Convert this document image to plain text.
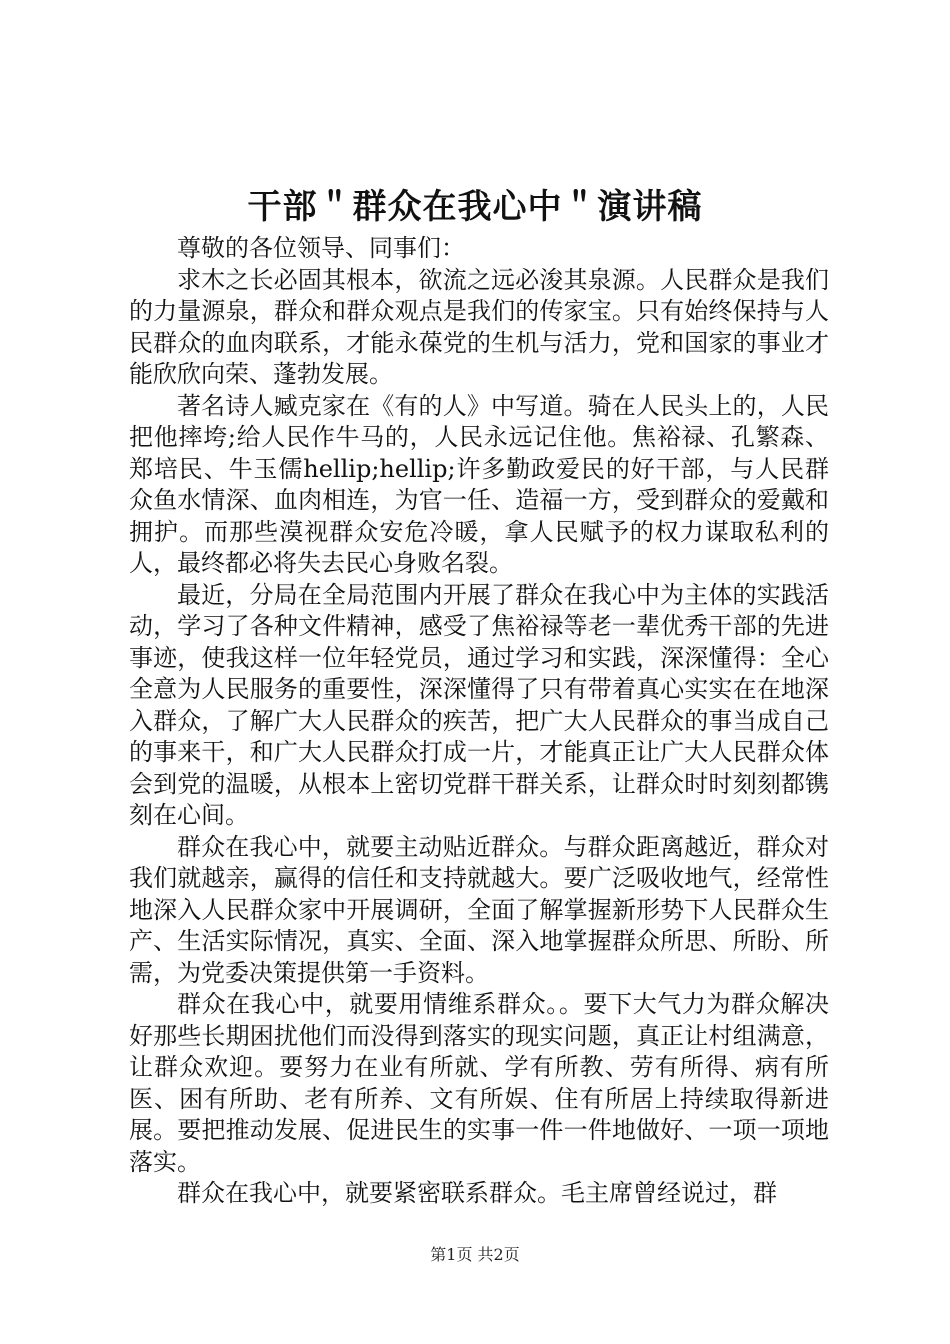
干部＂群众在我心中＂演讲稿

尊敬的各位领导、同事们：

求木之长必固其根本，欲流之远必浚其泉源。人民群众是我们的力量源泉，群众和群众观点是我们的传家宝。只有始终保持与人民群众的血肉联系，才能永葆党的生机与活力，党和国家的事业才能欣欣向荣、蓬勃发展。

著名诗人臧克家在《有的人》中写道。骑在人民头上的，人民把他摔垮;给人民作牛马的，人民永远记住他。焦裕禄、孔繁森、郑培民、牛玉儒hellip;hellip;许多勤政爱民的好干部，与人民群众鱼水情深、血肉相连，为官一任、造福一方，受到群众的爱戴和拥护。而那些漠视群众安危冷暖，拿人民赋予的权力谋取私利的人，最终都必将失去民心身败名裂。

最近，分局在全局范围内开展了群众在我心中为主体的实践活动，学习了各种文件精神，感受了焦裕禄等老一辈优秀干部的先进事迹，使我这样一位年轻党员，通过学习和实践，深深懂得：全心全意为人民服务的重要性，深深懂得了只有带着真心实实在在地深入群众，了解广大人民群众的疾苦，把广大人民群众的事当成自己的事来干，和广大人民群众打成一片，才能真正让广大人民群众体会到党的温暖，从根本上密切党群干群关系，让群众时时刻刻都镌刻在心间。

群众在我心中，就要主动贴近群众。与群众距离越近，群众对我们就越亲，赢得的信任和支持就越大。要广泛吸收地气，经常性地深入人民群众家中开展调研，全面了解掌握新形势下人民群众生产、生活实际情况，真实、全面、深入地掌握群众所思、所盼、所需，为党委决策提供第一手资料。

群众在我心中，就要用情维系群众。。要下大气力为群众解决好那些长期困扰他们而没得到落实的现实问题，真正让村组满意，让群众欢迎。要努力在业有所就、学有所教、劳有所得、病有所医、困有所助、老有所养、文有所娱、住有所居上持续取得新进展。要把推动发展、促进民生的实事一件一件地做好、一项一项地落实。

群众在我心中，就要紧密联系群众。毛主席曾经说过，群

第1页 共2页
